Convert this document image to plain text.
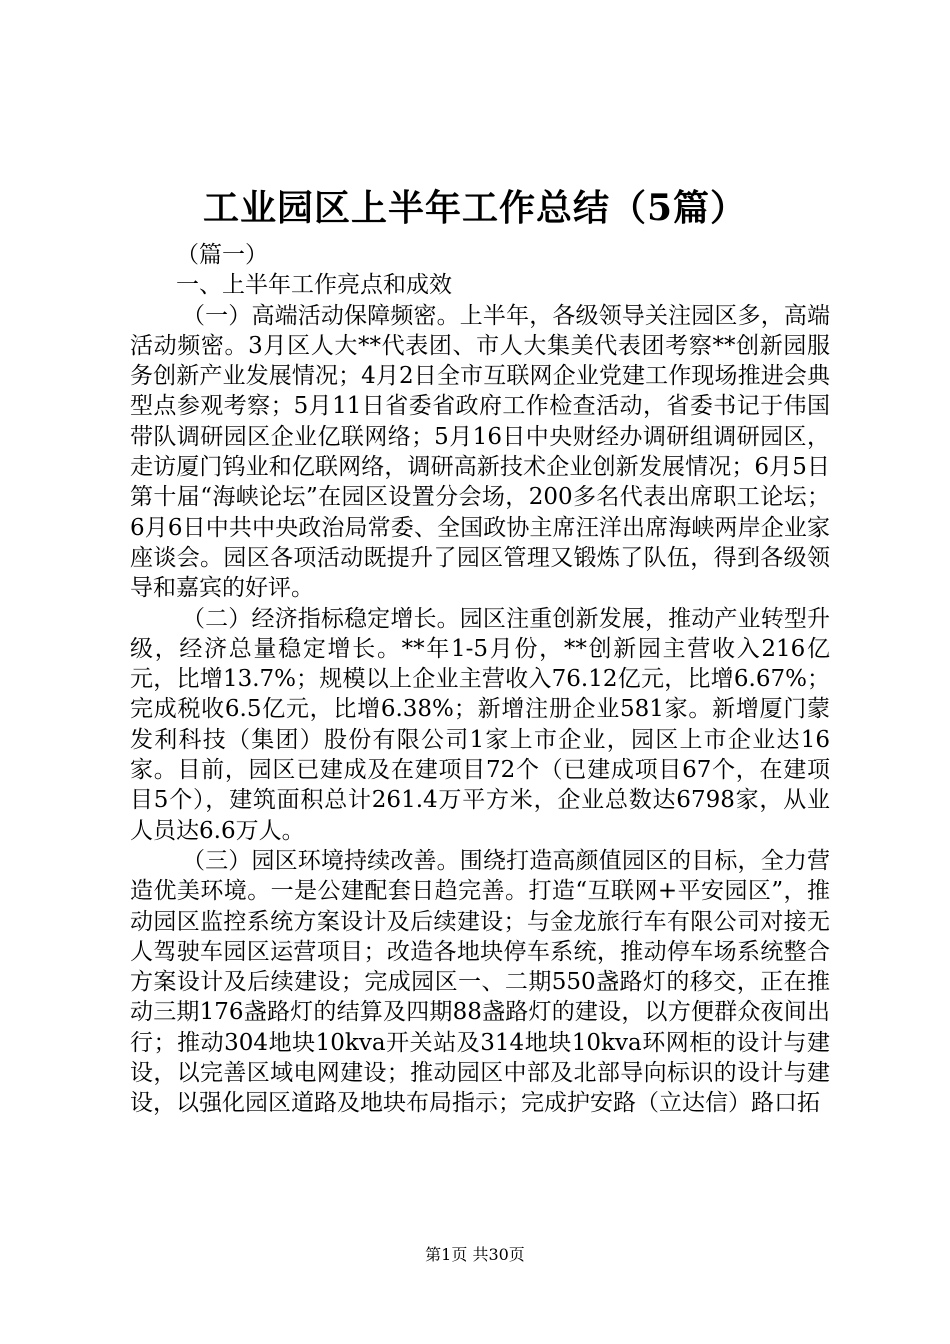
工业园区上半年工作总结（5篇）

（篇一）

一、上半年工作亮点和成效

（一）高端活动保障频密。上半年，各级领导关注园区多，高端活动频密。3月区人大**代表团、市人大集美代表团考察**创新园服务创新产业发展情况；4月2日全市互联网企业党建工作现场推进会典型点参观考察；5月11日省委省政府工作检查活动，省委书记于伟国带队调研园区企业亿联网络；5月16日中央财经办调研组调研园区，走访厦门钨业和亿联网络，调研高新技术企业创新发展情况；6月5日第十届“海峡论坛”在园区设置分会场，200多名代表出席职工论坛；6月6日中共中央政治局常委、全国政协主席汪洋出席海峡两岸企业家座谈会。园区各项活动既提升了园区管理又锻炼了队伍，得到各级领导和嘉宾的好评。

（二）经济指标稳定增长。园区注重创新发展，推动产业转型升级，经济总量稳定增长。**年1-5月份，**创新园主营收入216亿元，比增13.7%；规模以上企业主营收入76.12亿元，比增6.67%；完成税收6.5亿元，比增6.38%；新增注册企业581家。新增厦门蒙发利科技（集团）股份有限公司1家上市企业，园区上市企业达16家。目前，园区已建成及在建项目72个（已建成项目67个，在建项目5个），建筑面积总计261.4万平方米，企业总数达6798家，从业人员达6.6万人。

（三）园区环境持续改善。围绕打造高颜值园区的目标，全力营造优美环境。一是公建配套日趋完善。打造“互联网+平安园区”，推动园区监控系统方案设计及后续建设；与金龙旅行车有限公司对接无人驾驶车园区运营项目；改造各地块停车系统，推动停车场系统整合方案设计及后续建设；完成园区一、二期550盏路灯的移交，正在推动三期176盏路灯的结算及四期88盏路灯的建设，以方便群众夜间出行；推动304地块10kva开关站及314地块10kva环网柜的设计与建设，以完善区域电网建设；推动园区中部及北部导向标识的设计与建设，以强化园区道路及地块布局指示；完成护安路（立达信）路口拓

第1页 共30页
